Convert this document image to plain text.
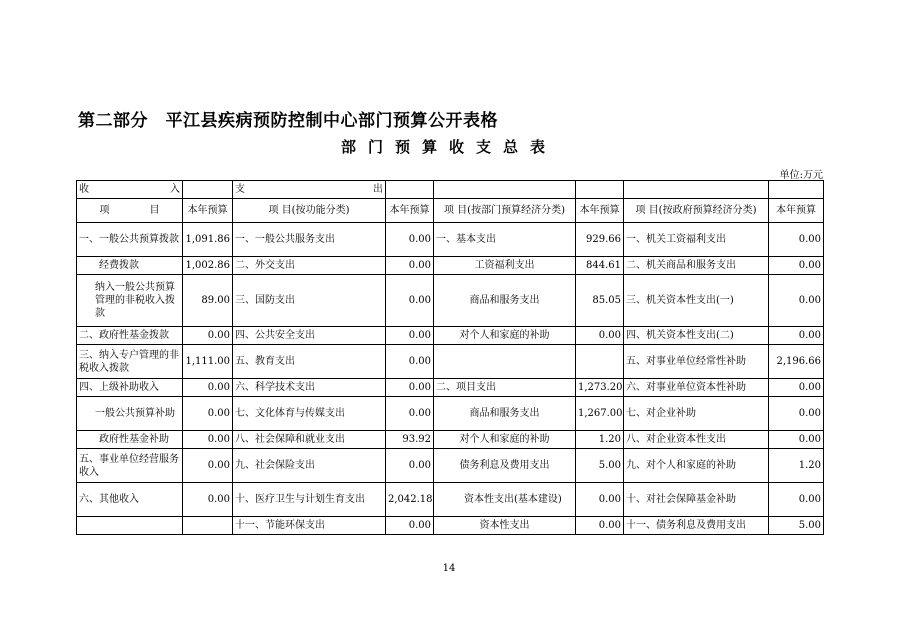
第二部分　平江县疾病预防控制中心部门预算公开表格
部门预算收支总表
单位:万元
收　　　　　　　入		支　　　　　　　出					
项　　　　目	本年预算	项 目(按功能分类)	本年预算	项 目(按部门预算经济分类)	本年预算	项 目(按政府预算经济分类)	本年预算
一、一般公共预算拨款	1,091.86	一、一般公共服务支出	0.00	一、基本支出	929.66	一、机关工资福利支出	0.00
经费拨款	1,002.86	二、外交支出	0.00	工资福利支出	844.61	二、机关商品和服务支出	0.00
纳入一般公共预算管理的非税收入拨款	89.00	三、国防支出	0.00	商品和服务支出	85.05	三、机关资本性支出(一)	0.00
二、政府性基金拨款	0.00	四、公共安全支出	0.00	对个人和家庭的补助	0.00	四、机关资本性支出(二)	0.00
三、纳入专户管理的非税收入拨款	1,111.00	五、教育支出	0.00			五、对事业单位经常性补助	2,196.66
四、上级补助收入	0.00	六、科学技术支出	0.00	二、项目支出	1,273.20	六、对事业单位资本性补助	0.00
一般公共预算补助	0.00	七、文化体育与传媒支出	0.00	商品和服务支出	1,267.00	七、对企业补助	0.00
政府性基金补助	0.00	八、社会保障和就业支出	93.92	对个人和家庭的补助	1.20	八、对企业资本性支出	0.00
五、事业单位经营服务收入	0.00	九、社会保险支出	0.00	债务利息及费用支出	5.00	九、对个人和家庭的补助	1.20
六、其他收入	0.00	十、医疗卫生与计划生育支出	2,042.18	资本性支出(基本建设)	0.00	十、对社会保障基金补助	0.00
		十一、节能环保支出	0.00	资本性支出	0.00	十一、债务利息及费用支出	5.00
14
